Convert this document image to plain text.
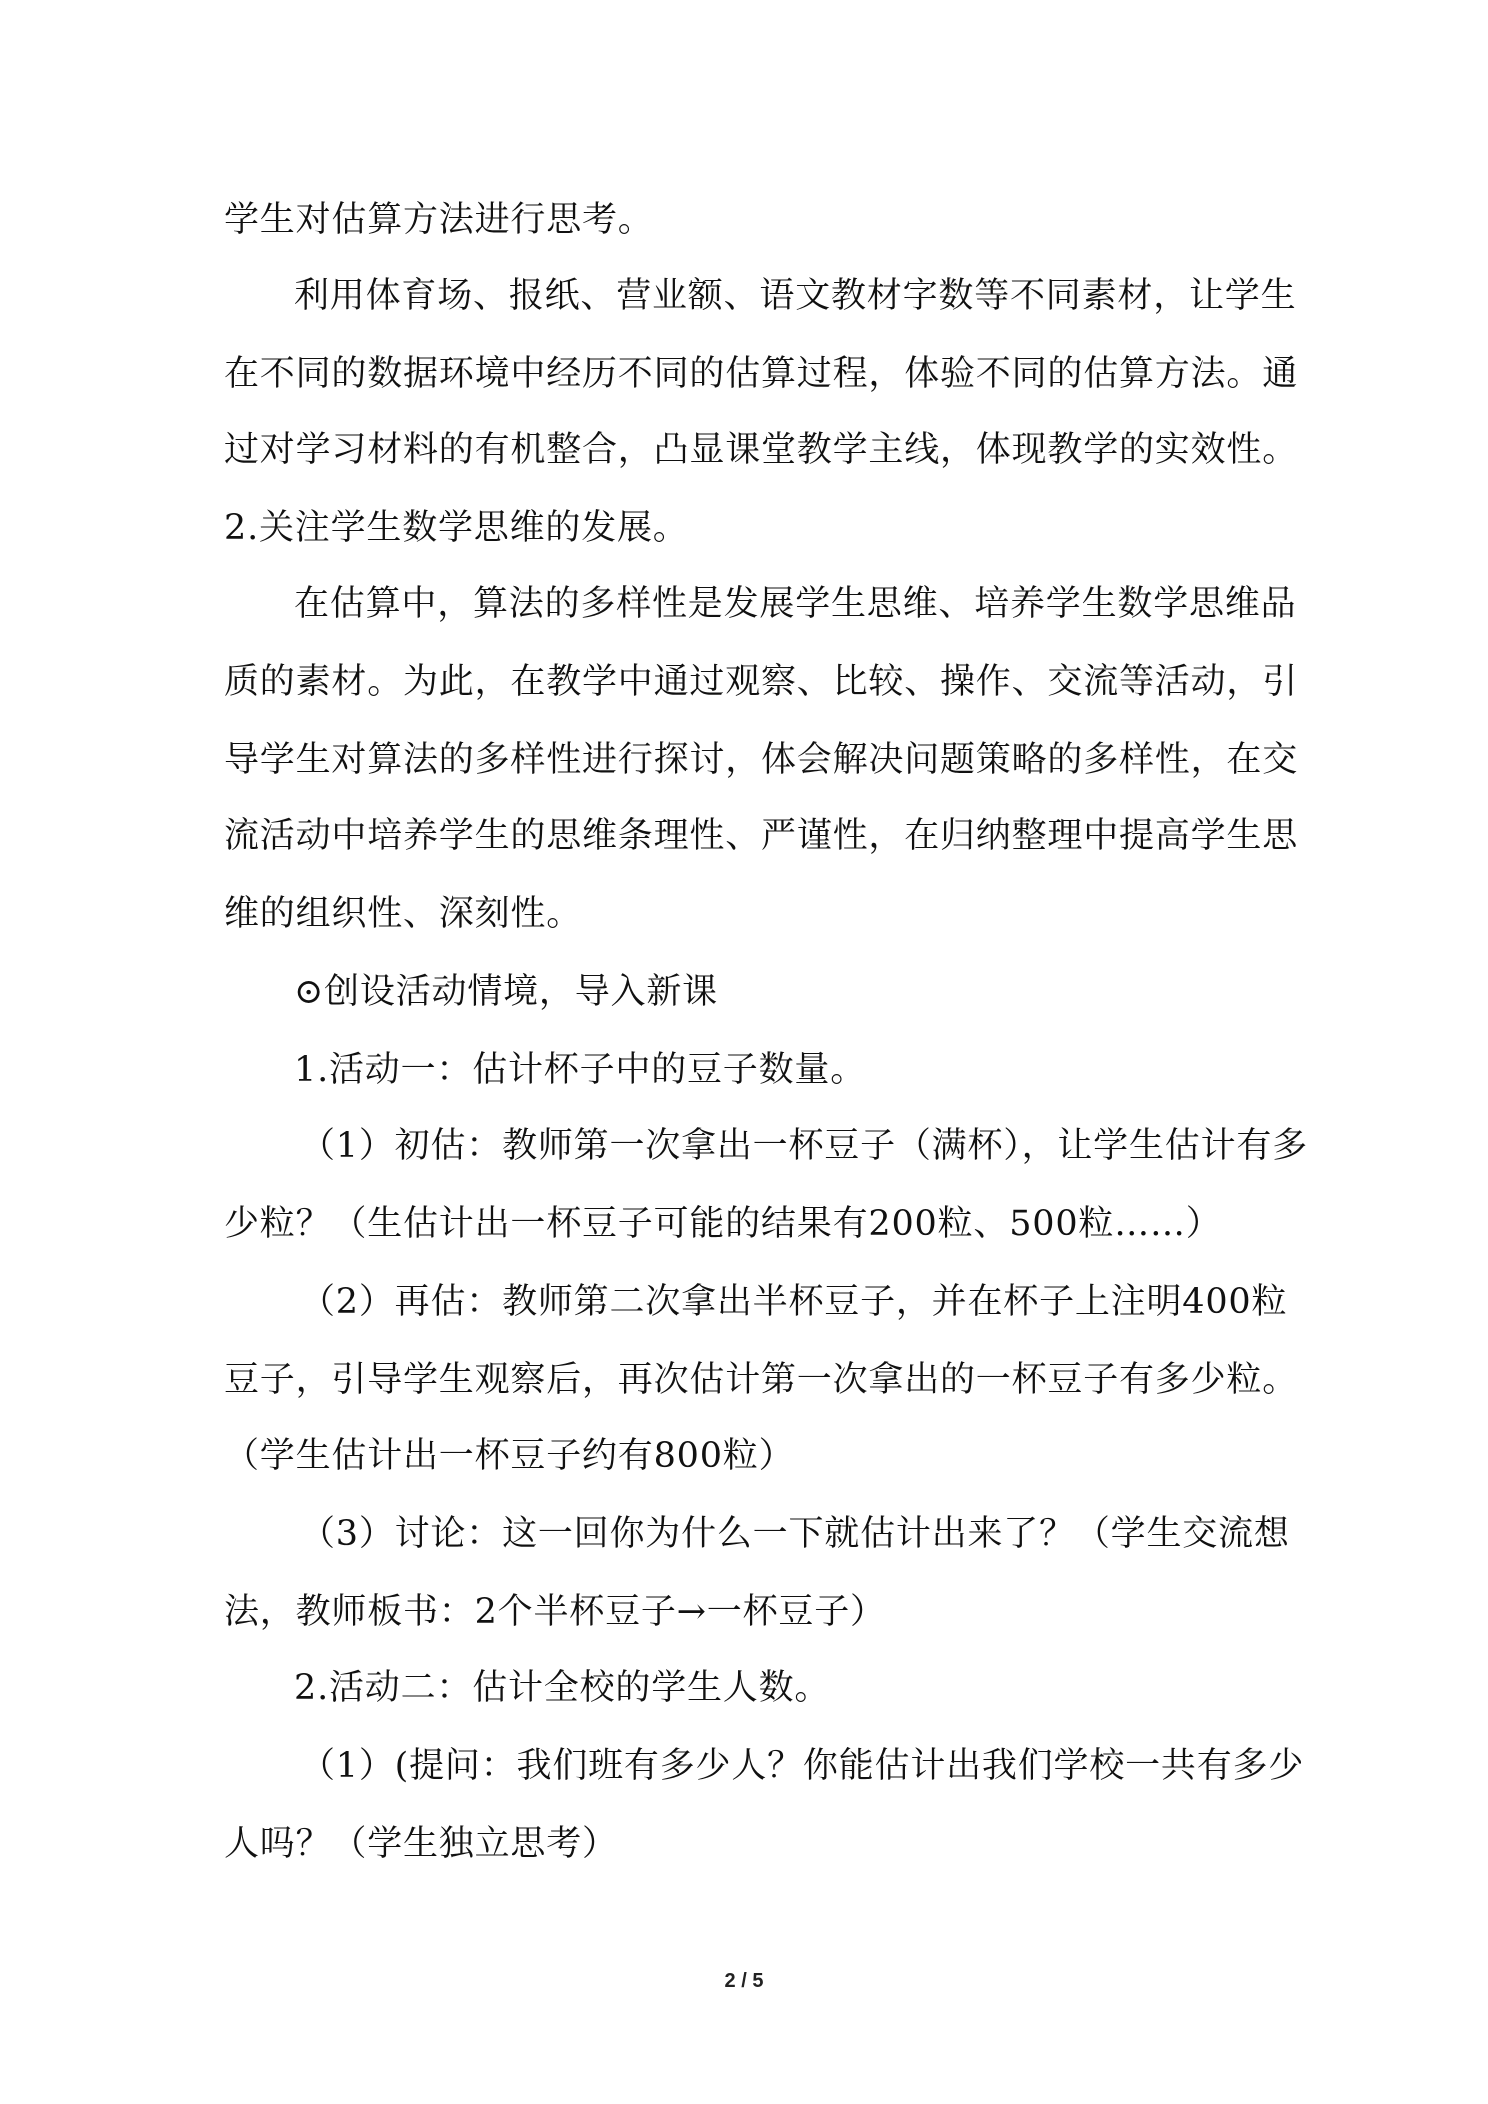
学生对估算方法进行思考。
利用体育场、报纸、营业额、语文教材字数等不同素材，让学生
在不同的数据环境中经历不同的估算过程，体验不同的估算方法。通
过对学习材料的有机整合，凸显课堂教学主线，体现教学的实效性。
2.关注学生数学思维的发展。
在估算中，算法的多样性是发展学生思维、培养学生数学思维品
质的素材。为此，在教学中通过观察、比较、操作、交流等活动，引
导学生对算法的多样性进行探讨，体会解决问题策略的多样性，在交
流活动中培养学生的思维条理性、严谨性，在归纳整理中提高学生思
维的组织性、深刻性。
⊙创设活动情境，导入新课
1.活动一：估计杯子中的豆子数量。
（1）初估：教师第一次拿出一杯豆子（满杯），让学生估计有多
少粒？（生估计出一杯豆子可能的结果有200粒、500粒……）
（2）再估：教师第二次拿出半杯豆子，并在杯子上注明400粒
豆子，引导学生观察后，再次估计第一次拿出的一杯豆子有多少粒。
（学生估计出一杯豆子约有800粒）
（3）讨论：这一回你为什么一下就估计出来了？（学生交流想
法，教师板书：2个半杯豆子→一杯豆子）
2.活动二：估计全校的学生人数。
（1）(提问：我们班有多少人？你能估计出我们学校一共有多少
人吗？（学生独立思考）
2 / 5
